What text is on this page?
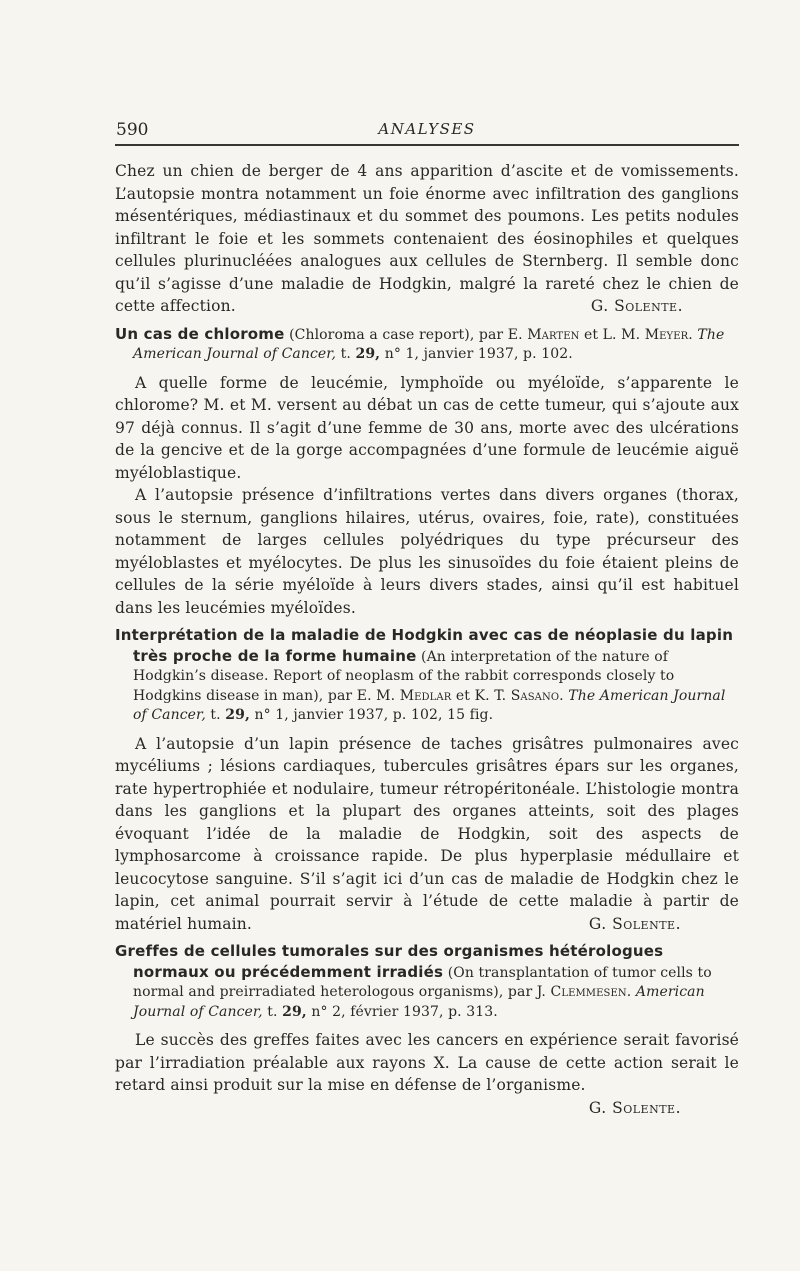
590	ANALYSES

Chez un chien de berger de 4 ans apparition d’ascite et de vomissements. L’autopsie montra notamment un foie énorme avec infiltration des ganglions mésentériques, médiastinaux et du sommet des poumons. Les petits nodules infiltrant le foie et les sommets contenaient des éosinophiles et quelques cellules plurinucléées analogues aux cellules de Sternberg. Il semble donc qu’il s’agisse d’une maladie de Hodgkin, malgré la rareté chez le chien de cette affection.	G. Solente.

Un cas de chlorome (Chloroma a case report), par E. Marten et L. M. Meyer. The American Journal of Cancer, t. 29, n° 1, janvier 1937, p. 102.

A quelle forme de leucémie, lymphoïde ou myéloïde, s’apparente le chlorome? M. et M. versent au débat un cas de cette tumeur, qui s’ajoute aux 97 déjà connus. Il s’agit d’une femme de 30 ans, morte avec des ulcérations de la gencive et de la gorge accompagnées d’une formule de leucémie aiguë myéloblastique.

A l’autopsie présence d’infiltrations vertes dans divers organes (thorax, sous le sternum, ganglions hilaires, utérus, ovaires, foie, rate), constituées notamment de larges cellules polyédriques du type précurseur des myéloblastes et myélocytes. De plus les sinusoïdes du foie étaient pleins de cellules de la série myéloïde à leurs divers stades, ainsi qu’il est habituel dans les leucémies myéloïdes.

Interprétation de la maladie de Hodgkin avec cas de néoplasie du lapin très proche de la forme humaine (An interpretation of the nature of Hodgkin’s disease. Report of neoplasm of the rabbit corresponds closely to Hodgkins disease in man), par E. M. Medlar et K. T. Sasano. The American Journal of Cancer, t. 29, n° 1, janvier 1937, p. 102, 15 fig.

A l’autopsie d’un lapin présence de taches grisâtres pulmonaires avec mycéliums ; lésions cardiaques, tubercules grisâtres épars sur les organes, rate hypertrophiée et nodulaire, tumeur rétropéritonéale. L’histologie montra dans les ganglions et la plupart des organes atteints, soit des plages évoquant l’idée de la maladie de Hodgkin, soit des aspects de lymphosarcome à croissance rapide. De plus hyperplasie médullaire et leucocytose sanguine. S’il s’agit ici d’un cas de maladie de Hodgkin chez le lapin, cet animal pourrait servir à l’étude de cette maladie à partir de matériel humain.	G. Solente.

Greffes de cellules tumorales sur des organismes hétérologues normaux ou précédemment irradiés (On transplantation of tumor cells to normal and preirradiated heterologous organisms), par J. Clemmesen. American Journal of Cancer, t. 29, n° 2, février 1937, p. 313.

Le succès des greffes faites avec les cancers en expérience serait favorisé par l’irradiation préalable aux rayons X. La cause de cette action serait le retard ainsi produit sur la mise en défense de l’organisme.

G. Solente.
